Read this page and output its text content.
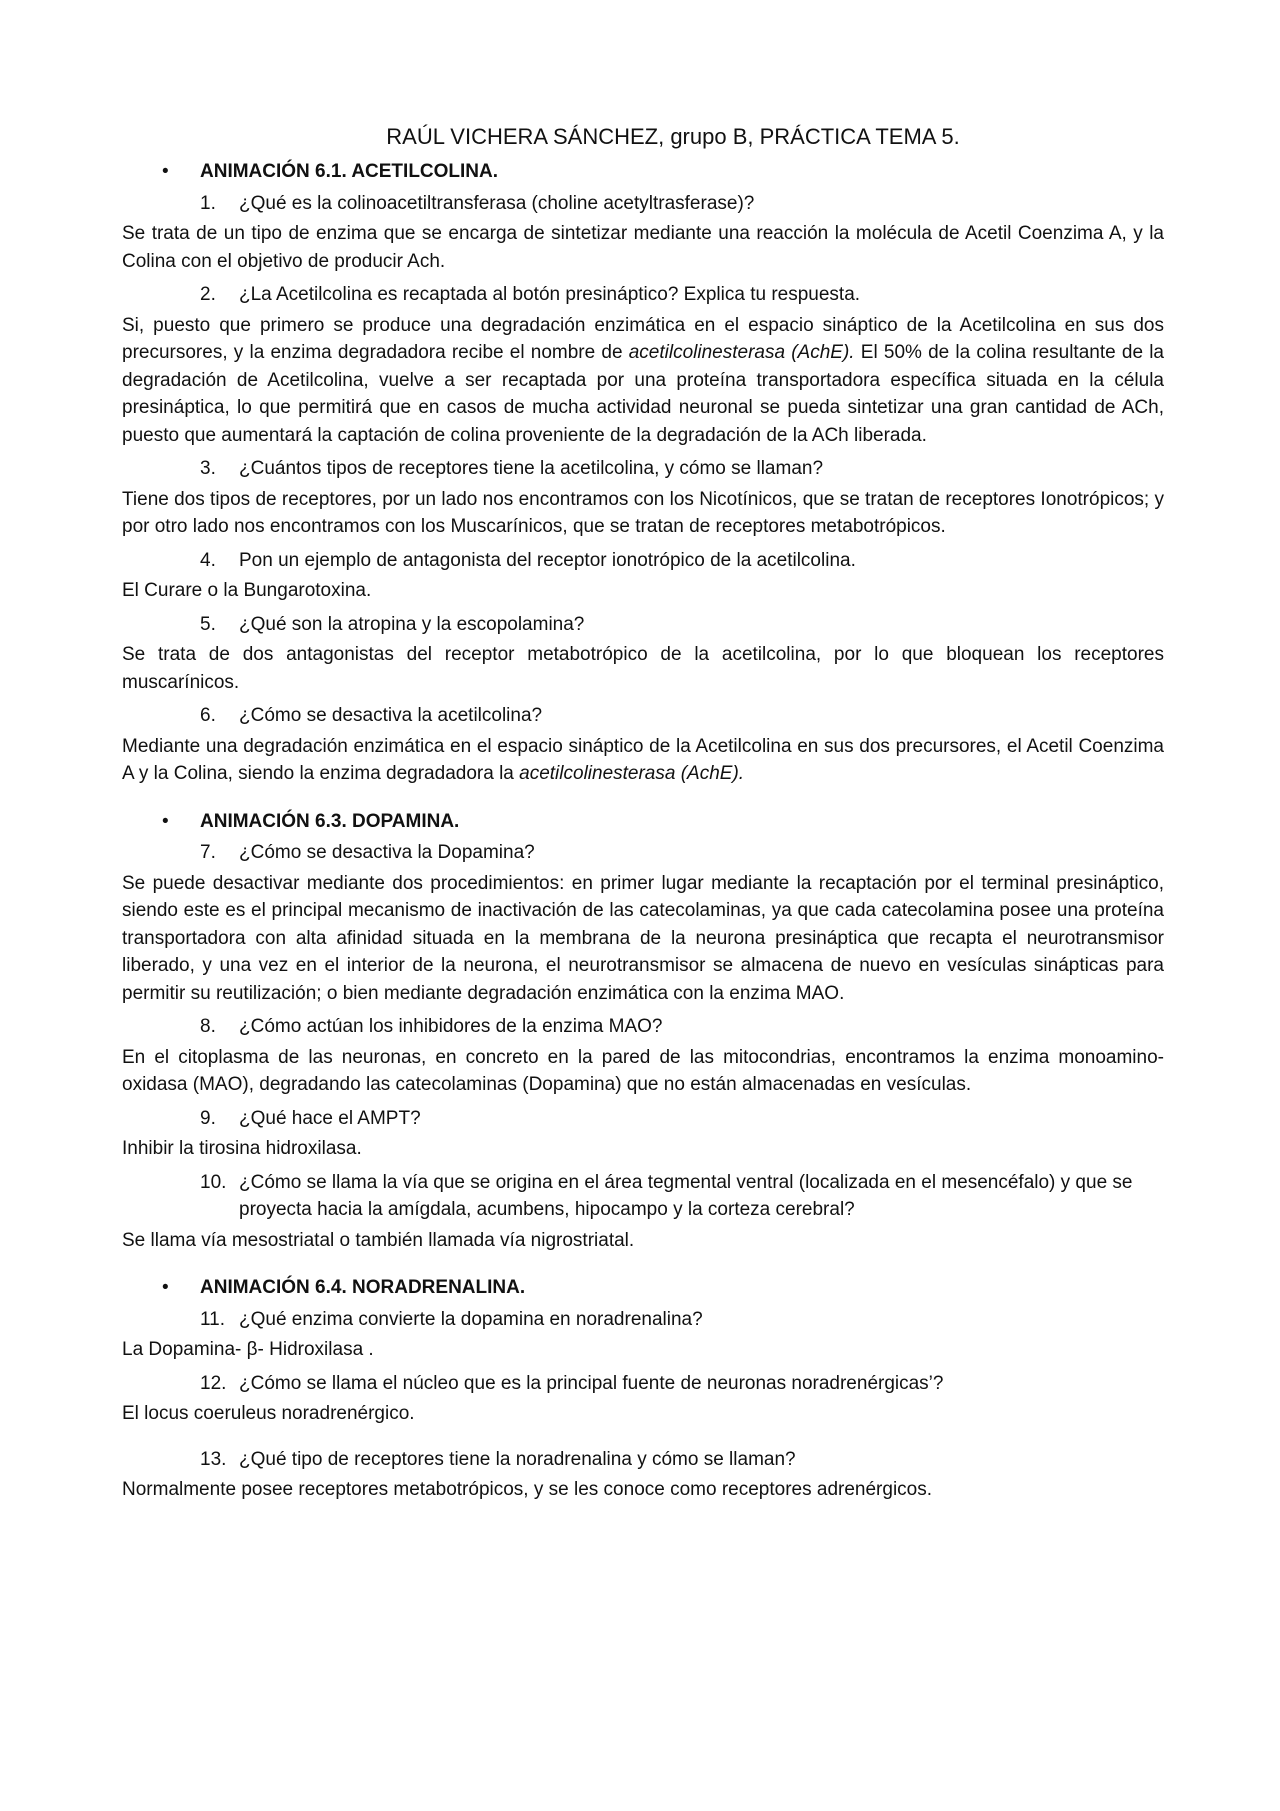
RAÚL VICHERA SÁNCHEZ, grupo B, PRÁCTICA TEMA 5.
• ANIMACIÓN 6.1. ACETILCOLINA.
1.	¿Qué es la colinoacetiltransferasa (choline acetyltrasferase)?
Se trata de un tipo de enzima que se encarga de sintetizar mediante una reacción la molécula de Acetil Coenzima A, y la Colina con el objetivo de producir Ach.
2.	¿La Acetilcolina es recaptada al botón presináptico? Explica tu respuesta.
Si, puesto que primero se produce una degradación enzimática en el espacio sináptico de la Acetilcolina en sus dos precursores, y la enzima degradadora recibe el nombre de acetilcolinesterasa (AchE). El 50% de la colina resultante de la degradación de Acetilcolina, vuelve a ser recaptada por una proteína transportadora específica situada en la célula presináptica, lo que permitirá que en casos de mucha actividad neuronal se pueda sintetizar una gran cantidad de ACh, puesto que aumentará la captación de colina proveniente de la degradación de la ACh liberada.
3.	¿Cuántos tipos de receptores tiene la acetilcolina, y cómo se llaman?
Tiene dos tipos de receptores, por un lado nos encontramos con los Nicotínicos, que se tratan de receptores Ionotrópicos; y por otro lado nos encontramos con los Muscarínicos, que se tratan de receptores metabotrópicos.
4.	Pon un ejemplo de antagonista del receptor ionotrópico de la acetilcolina.
El Curare o la Bungarotoxina.
5.	¿Qué son la atropina y la escopolamina?
Se trata de dos antagonistas del receptor metabotrópico de la acetilcolina, por lo que bloquean los receptores muscarínicos.
6.	¿Cómo se desactiva la acetilcolina?
Mediante una degradación enzimática en el espacio sináptico de la Acetilcolina en sus dos precursores, el Acetil Coenzima A y la Colina, siendo la enzima degradadora la acetilcolinesterasa (AchE).
• ANIMACIÓN 6.3. DOPAMINA.
7.	¿Cómo se desactiva la Dopamina?
Se puede desactivar mediante dos procedimientos: en primer lugar mediante la recaptación por el terminal presináptico, siendo este es el principal mecanismo de inactivación de las catecolaminas, ya que cada catecolamina posee una proteína transportadora con alta afinidad situada en la membrana de la neurona presináptica que recapta el neurotransmisor liberado, y una vez en el interior de la neurona, el neurotransmisor se almacena de nuevo en vesículas sinápticas para permitir su reutilización; o bien mediante degradación enzimática con la enzima MAO.
8.	¿Cómo actúan los inhibidores de la enzima MAO?
En el citoplasma de las neuronas, en concreto en la pared de las mitocondrias, encontramos la enzima monoamino-oxidasa (MAO), degradando las catecolaminas (Dopamina) que no están almacenadas en vesículas.
9.	¿Qué hace el AMPT?
Inhibir la tirosina hidroxilasa.
10. ¿Cómo se llama la vía que se origina en el área tegmental ventral (localizada en el mesencéfalo) y que se proyecta hacia la amígdala, acumbens, hipocampo y la corteza cerebral?
Se llama vía mesostriatal o también llamada vía nigrostriatal.
• ANIMACIÓN 6.4. NORADRENALINA.
11. ¿Qué enzima convierte la dopamina en noradrenalina?
La Dopamina- β- Hidroxilasa .
12. ¿Cómo se llama el núcleo que es la principal fuente de neuronas noradrenérgicas’?
El locus coeruleus noradrenérgico.
13. ¿Qué tipo de receptores tiene la noradrenalina y cómo se llaman?
Normalmente posee receptores metabotrópicos, y se les conoce como receptores adrenérgicos.
